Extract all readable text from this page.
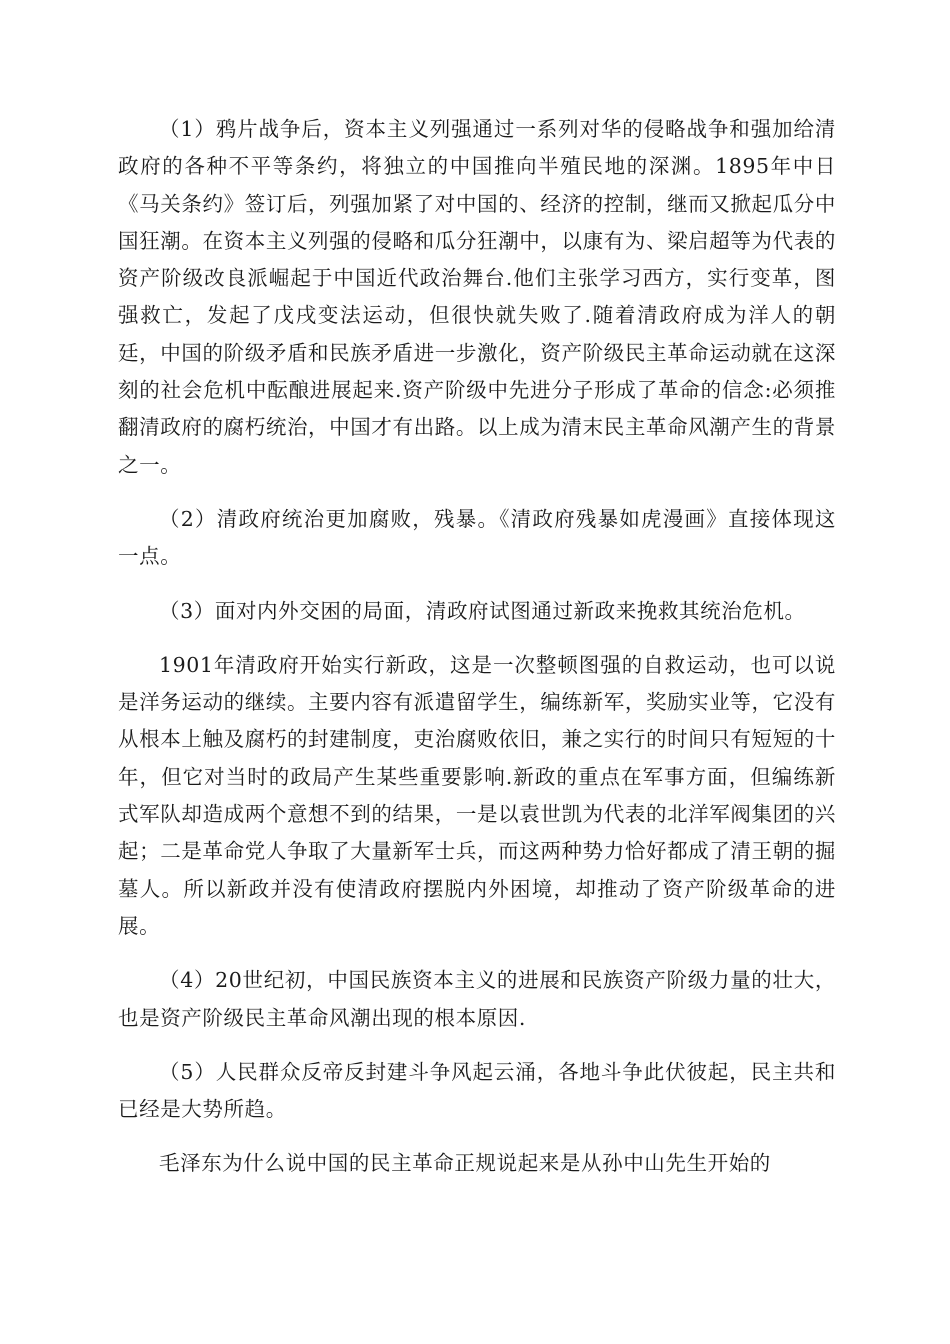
（1）鸦片战争后，资本主义列强通过一系列对华的侵略战争和强加给清政府的各种不平等条约，将独立的中国推向半殖民地的深渊。1895年中日《马关条约》签订后，列强加紧了对中国的、经济的控制，继而又掀起瓜分中国狂潮。在资本主义列强的侵略和瓜分狂潮中，以康有为、梁启超等为代表的资产阶级改良派崛起于中国近代政治舞台.他们主张学习西方，实行变革，图强救亡，发起了戊戌变法运动，但很快就失败了.随着清政府成为洋人的朝廷，中国的阶级矛盾和民族矛盾进一步激化，资产阶级民主革命运动就在这深刻的社会危机中酝酿进展起来.资产阶级中先进分子形成了革命的信念:必须推翻清政府的腐朽统治，中国才有出路。以上成为清末民主革命风潮产生的背景之一。

（2）清政府统治更加腐败，残暴。《清政府残暴如虎漫画》直接体现这一点。

（3）面对内外交困的局面，清政府试图通过新政来挽救其统治危机。

1901年清政府开始实行新政，这是一次整顿图强的自救运动，也可以说是洋务运动的继续。主要内容有派遣留学生，编练新军，奖励实业等，它没有从根本上触及腐朽的封建制度，吏治腐败依旧，兼之实行的时间只有短短的十年，但它对当时的政局产生某些重要影响.新政的重点在军事方面，但编练新式军队却造成两个意想不到的结果，一是以袁世凯为代表的北洋军阀集团的兴起；二是革命党人争取了大量新军士兵，而这两种势力恰好都成了清王朝的掘墓人。所以新政并没有使清政府摆脱内外困境，却推动了资产阶级革命的进展。

（4）20世纪初，中国民族资本主义的进展和民族资产阶级力量的壮大，也是资产阶级民主革命风潮出现的根本原因.

（5）人民群众反帝反封建斗争风起云涌，各地斗争此伏彼起，民主共和已经是大势所趋。

毛泽东为什么说中国的民主革命正规说起来是从孙中山先生开始的
